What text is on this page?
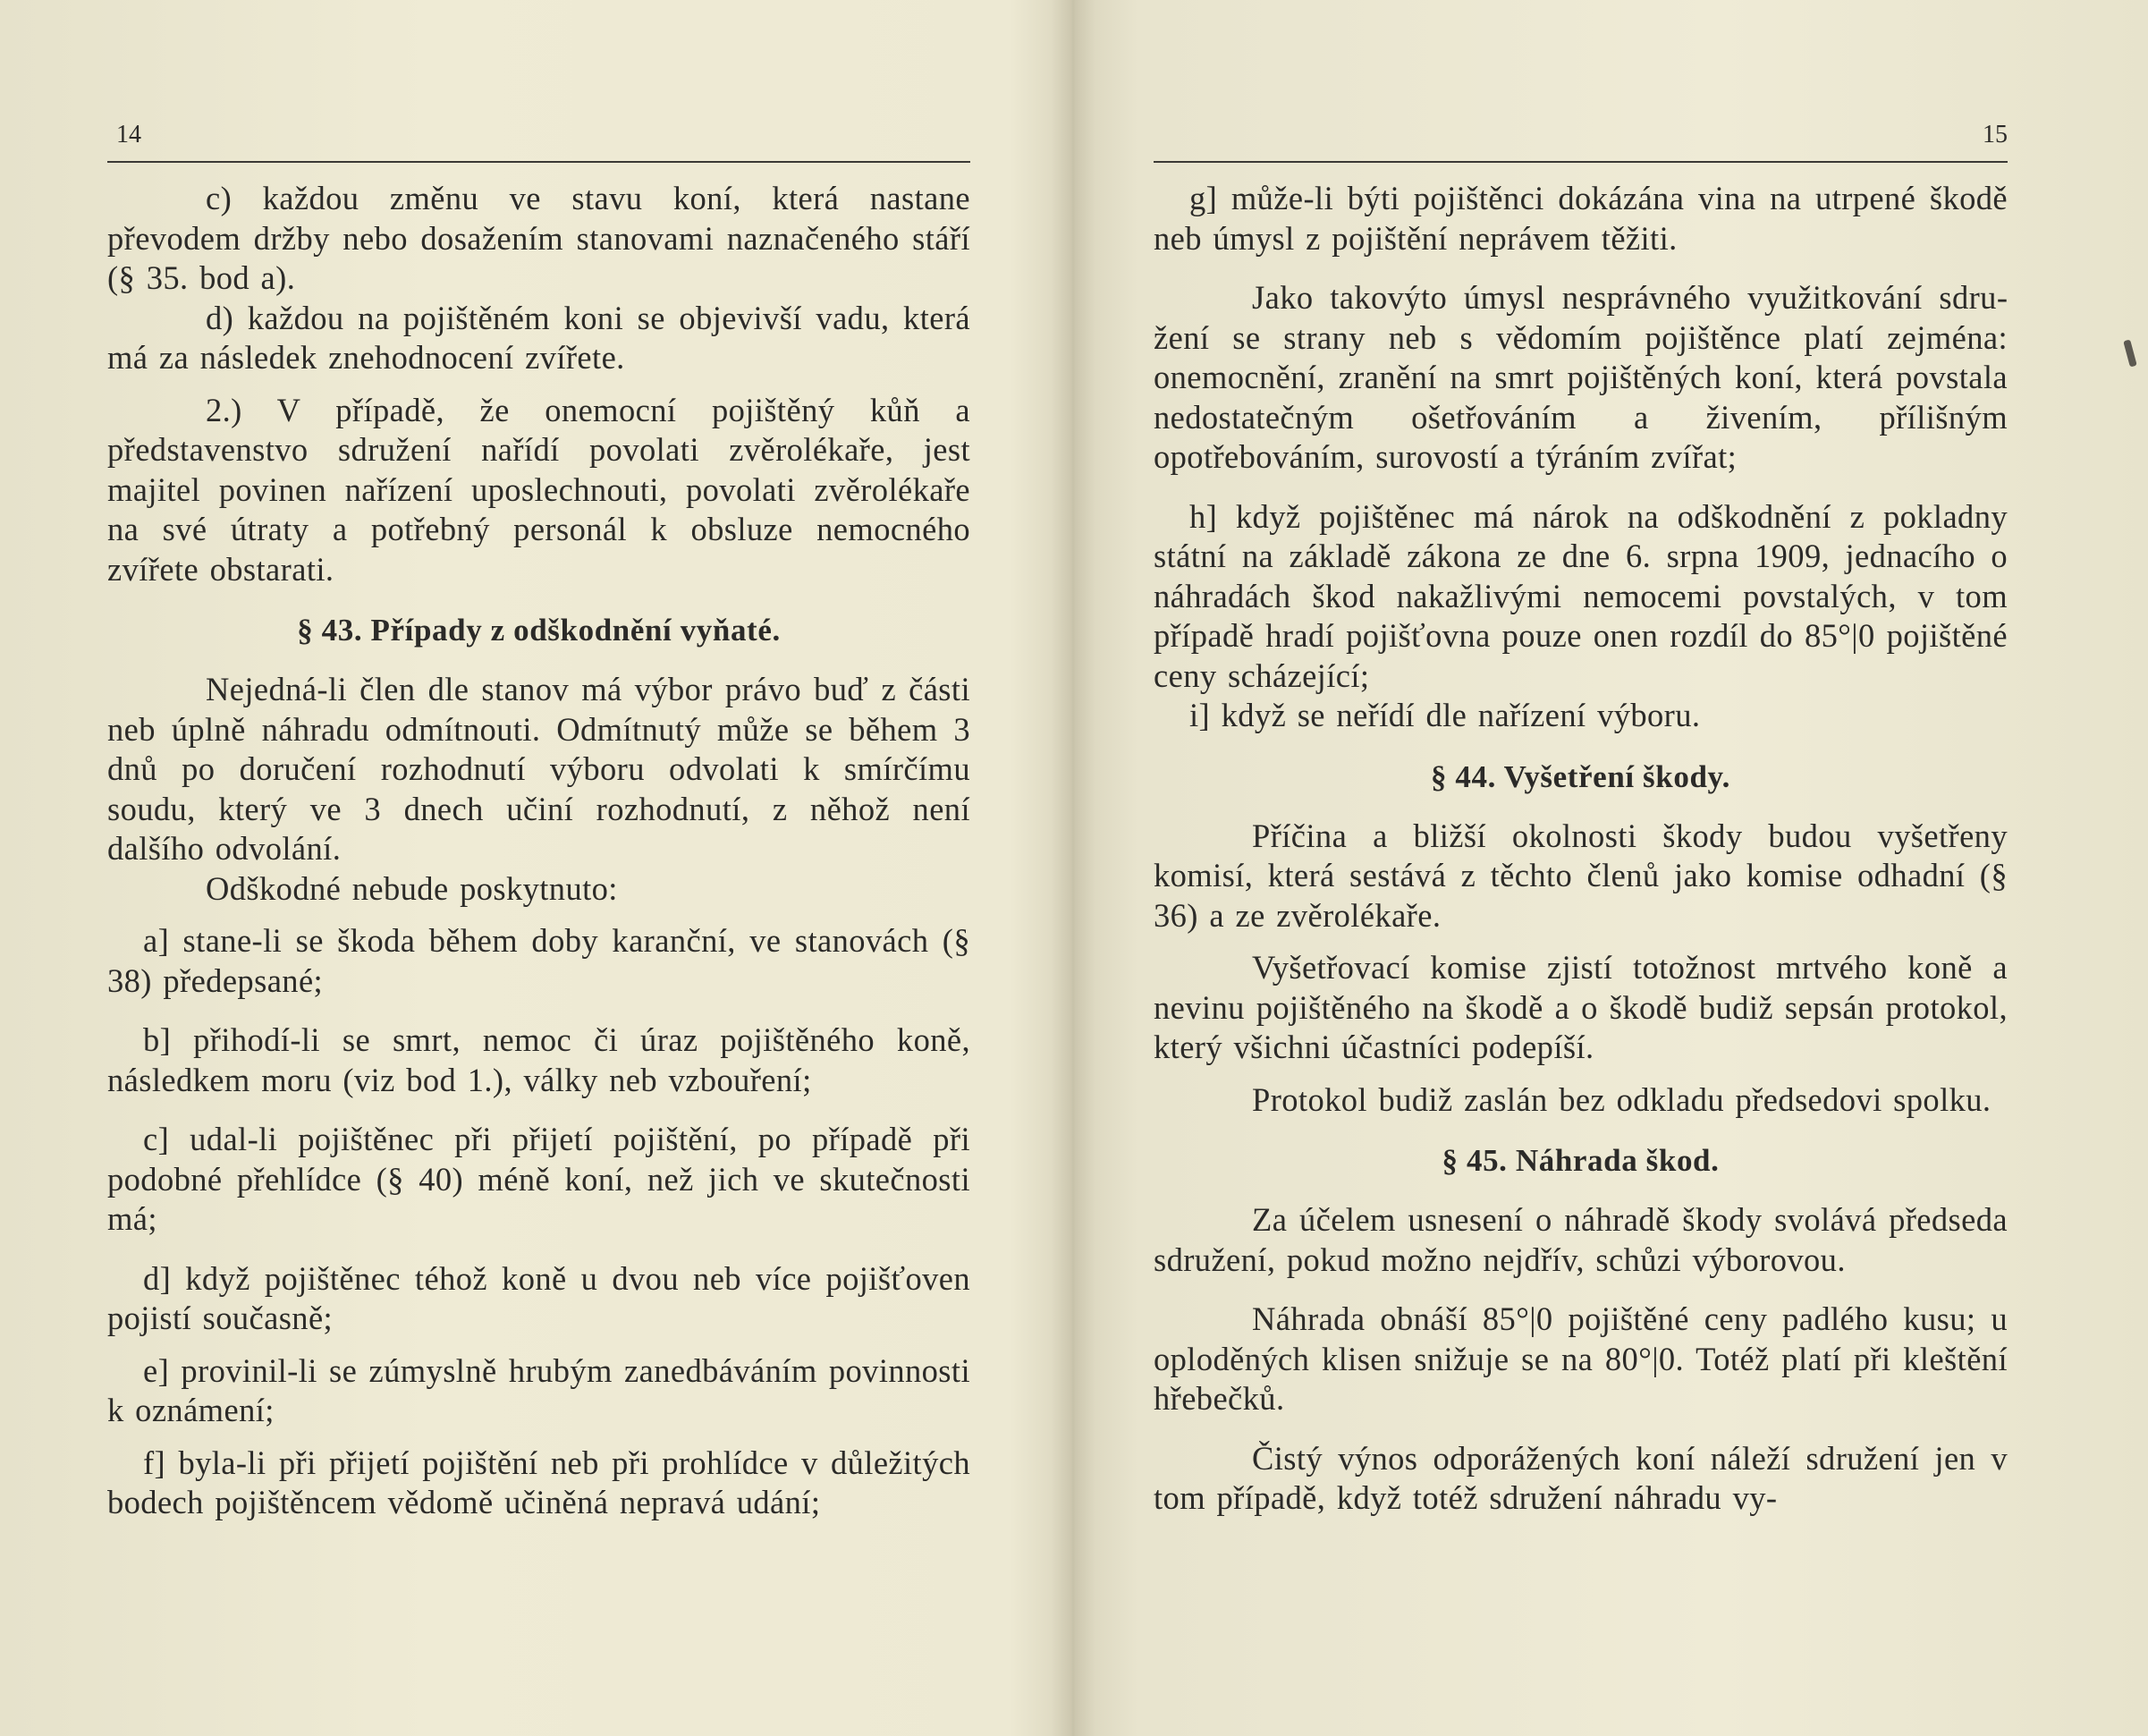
14

c) každou změnu ve stavu koní, která nastane převodem držby nebo dosažením stanovami naznačeného stáří (§ 35. bod a).

d) každou na pojištěném koni se objevivší vadu, která má za následek znehodnocení zvířete.

2.) V případě, že onemocní pojištěný kůň a představenstvo sdružení nařídí povolati zvěrolékaře, jest majitel povinen nařízení uposlechnouti, povolati zvěrolékaře na své útraty a potřebný personál k obsluze nemocného zvířete obstarati.

§ 43. Případy z odškodnění vyňaté.

Nejedná-li člen dle stanov má výbor právo buď z části neb úplně náhradu odmítnouti. Odmítnutý může se během 3 dnů po doručení rozhodnutí výboru odvolati k smírčímu soudu, který ve 3 dnech učiní rozhodnutí, z něhož není dalšího odvolání.

Odškodné nebude poskytnuto:

a] stane-li se škoda během doby karanční, ve stanovách (§ 38) předepsané;

b] přihodí-li se smrt, nemoc či úraz pojištěného koně, následkem moru (viz bod 1.), války neb vzbouření;

c] udal-li pojištěnec při přijetí pojištění, po případě při podobné přehlídce (§ 40) méně koní, než jich ve skutečnosti má;

d] když pojištěnec téhož koně u dvou neb více pojišťoven pojistí současně;

e] provinil-li se zúmyslně hrubým zanedbáváním povinnosti k oznámení;

f] byla-li při přijetí pojištění neb při prohlídce v důležitých bodech pojištěncem vědomě učiněná nepravá udání;

15

g] může-li býti pojištěnci dokázána vina na utrpené škodě neb úmysl z pojištění neprávem těžiti.

Jako takovýto úmysl nesprávného využitkování sdružení se strany neb s vědomím pojištěnce platí zejména: onemocnění, zranění na smrt pojištěných koní, která povstala nedostatečným ošetřováním a živením, přílišným opotřebováním, surovostí a týráním zvířat;

h] když pojištěnec má nárok na odškodnění z pokladny státní na základě zákona ze dne 6. srpna 1909, jednacího o náhradách škod nakažlivými nemocemi povstalých, v tom případě hradí pojišťovna pouze onen rozdíl do 85°|0 pojištěné ceny scházející;

i] když se neřídí dle nařízení výboru.

§ 44. Vyšetření škody.

Příčina a bližší okolnosti škody budou vyšetřeny komisí, která sestává z těchto členů jako komise odhadní (§ 36) a ze zvěrolékaře.

Vyšetřovací komise zjistí totožnost mrtvého koně a nevinu pojištěného na škodě a o škodě budiž sepsán protokol, který všichni účastníci podepíší.

Protokol budiž zaslán bez odkladu předsedovi spolku.

§ 45. Náhrada škod.

Za účelem usnesení o náhradě škody svolává předseda sdružení, pokud možno nejdřív, schůzi výborovou.

Náhrada obnáší 85°|0 pojištěné ceny padlého kusu; u oploděných klisen snižuje se na 80°|0. Totéž platí při kleštění hřebečků.

Čistý výnos odporážených koní náleží sdružení jen v tom případě, když totéž sdružení náhradu vy-
